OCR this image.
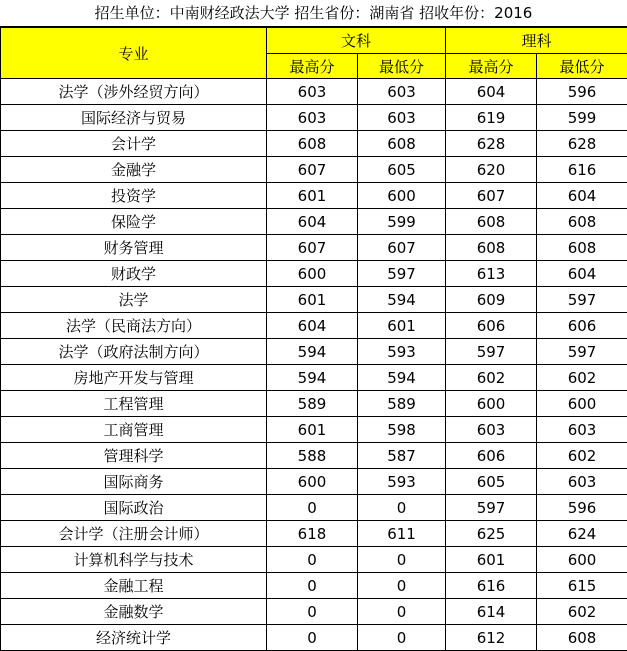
招生单位：中南财经政法大学 招生省份：湖南省 招收年份：2016
专业	文科		理科	
	最高分	最低分	最高分	最低分
法学（涉外经贸方向）	603	603	604	596
国际经济与贸易	603	603	619	599
会计学	608	608	628	628
金融学	607	605	620	616
投资学	601	600	607	604
保险学	604	599	608	608
财务管理	607	607	608	608
财政学	600	597	613	604
法学	601	594	609	597
法学（民商法方向）	604	601	606	606
法学（政府法制方向）	594	593	597	597
房地产开发与管理	594	594	602	602
工程管理	589	589	600	600
工商管理	601	598	603	603
管理科学	588	587	606	602
国际商务	600	593	605	603
国际政治	0	0	597	596
会计学（注册会计师）	618	611	625	624
计算机科学与技术	0	0	601	600
金融工程	0	0	616	615
金融数学	0	0	614	602
经济统计学	0	0	612	608
